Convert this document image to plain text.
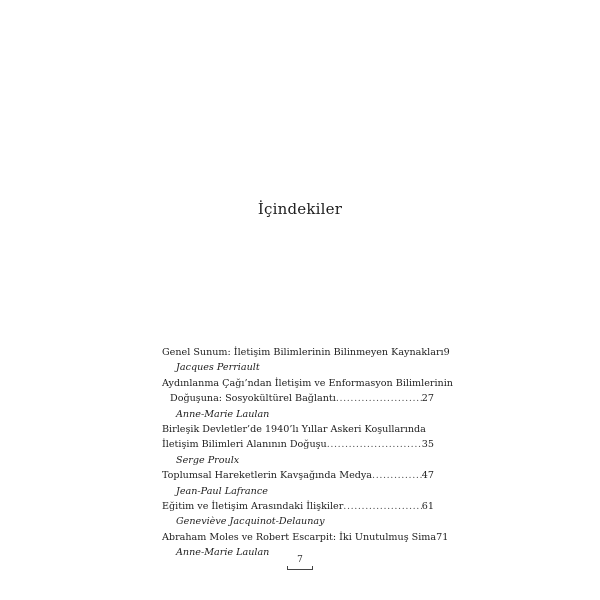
İçindekiler
Genel Sunum: İletişim Bilimlerinin Bilinmeyen Kaynakları 9
Jacques Perriault
Aydınlanma Çağı’ndan İletişim ve Enformasyon Bilimlerinin
Doğuşuna: Sosyokültürel Bağlantı .....	27
Anne-Marie Laulan
Birleşik Devletler’de 1940’lı Yıllar Askeri Koşullarında
İletişim Bilimleri Alanının Doğuşu .....	35
Serge Proulx
Toplumsal Hareketlerin Kavşağında Medya .....	47
Jean-Paul Lafrance
Eğitim ve İletişim Arasındaki İlişkiler .....	61
Geneviève Jacquinot-Delaunay
Abraham Moles ve Robert Escarpit: İki Unutulmuş Sima 71
Anne-Marie Laulan
7
